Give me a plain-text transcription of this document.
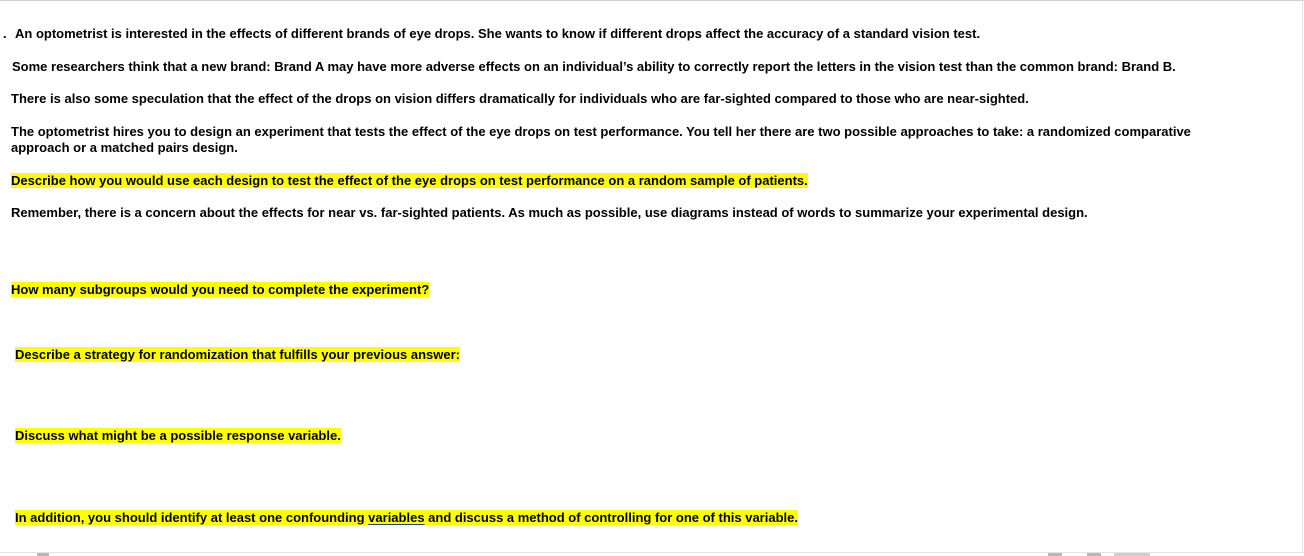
. An optometrist is interested in the effects of different brands of eye drops. She wants to know if different drops affect the accuracy of a standard vision test.
Some researchers think that a new brand: Brand A may have more adverse effects on an individual’s ability to correctly report the letters in the vision test than the common brand: Brand B.
There is also some speculation that the effect of the drops on vision differs dramatically for individuals who are far-sighted compared to those who are near-sighted.
The optometrist hires you to design an experiment that tests the effect of the eye drops on test performance. You tell her there are two possible approaches to take: a randomized comparative approach or a matched pairs design.
Describe how you would use each design to test the effect of the eye drops on test performance on a random sample of patients.
Remember, there is a concern about the effects for near vs. far-sighted patients. As much as possible, use diagrams instead of words to summarize your experimental design.
How many subgroups would you need to complete the experiment?
Describe a strategy for randomization that fulfills your previous answer:
Discuss what might be a possible response variable.
In addition, you should identify at least one confounding variables and discuss a method of controlling for one of this variable.
